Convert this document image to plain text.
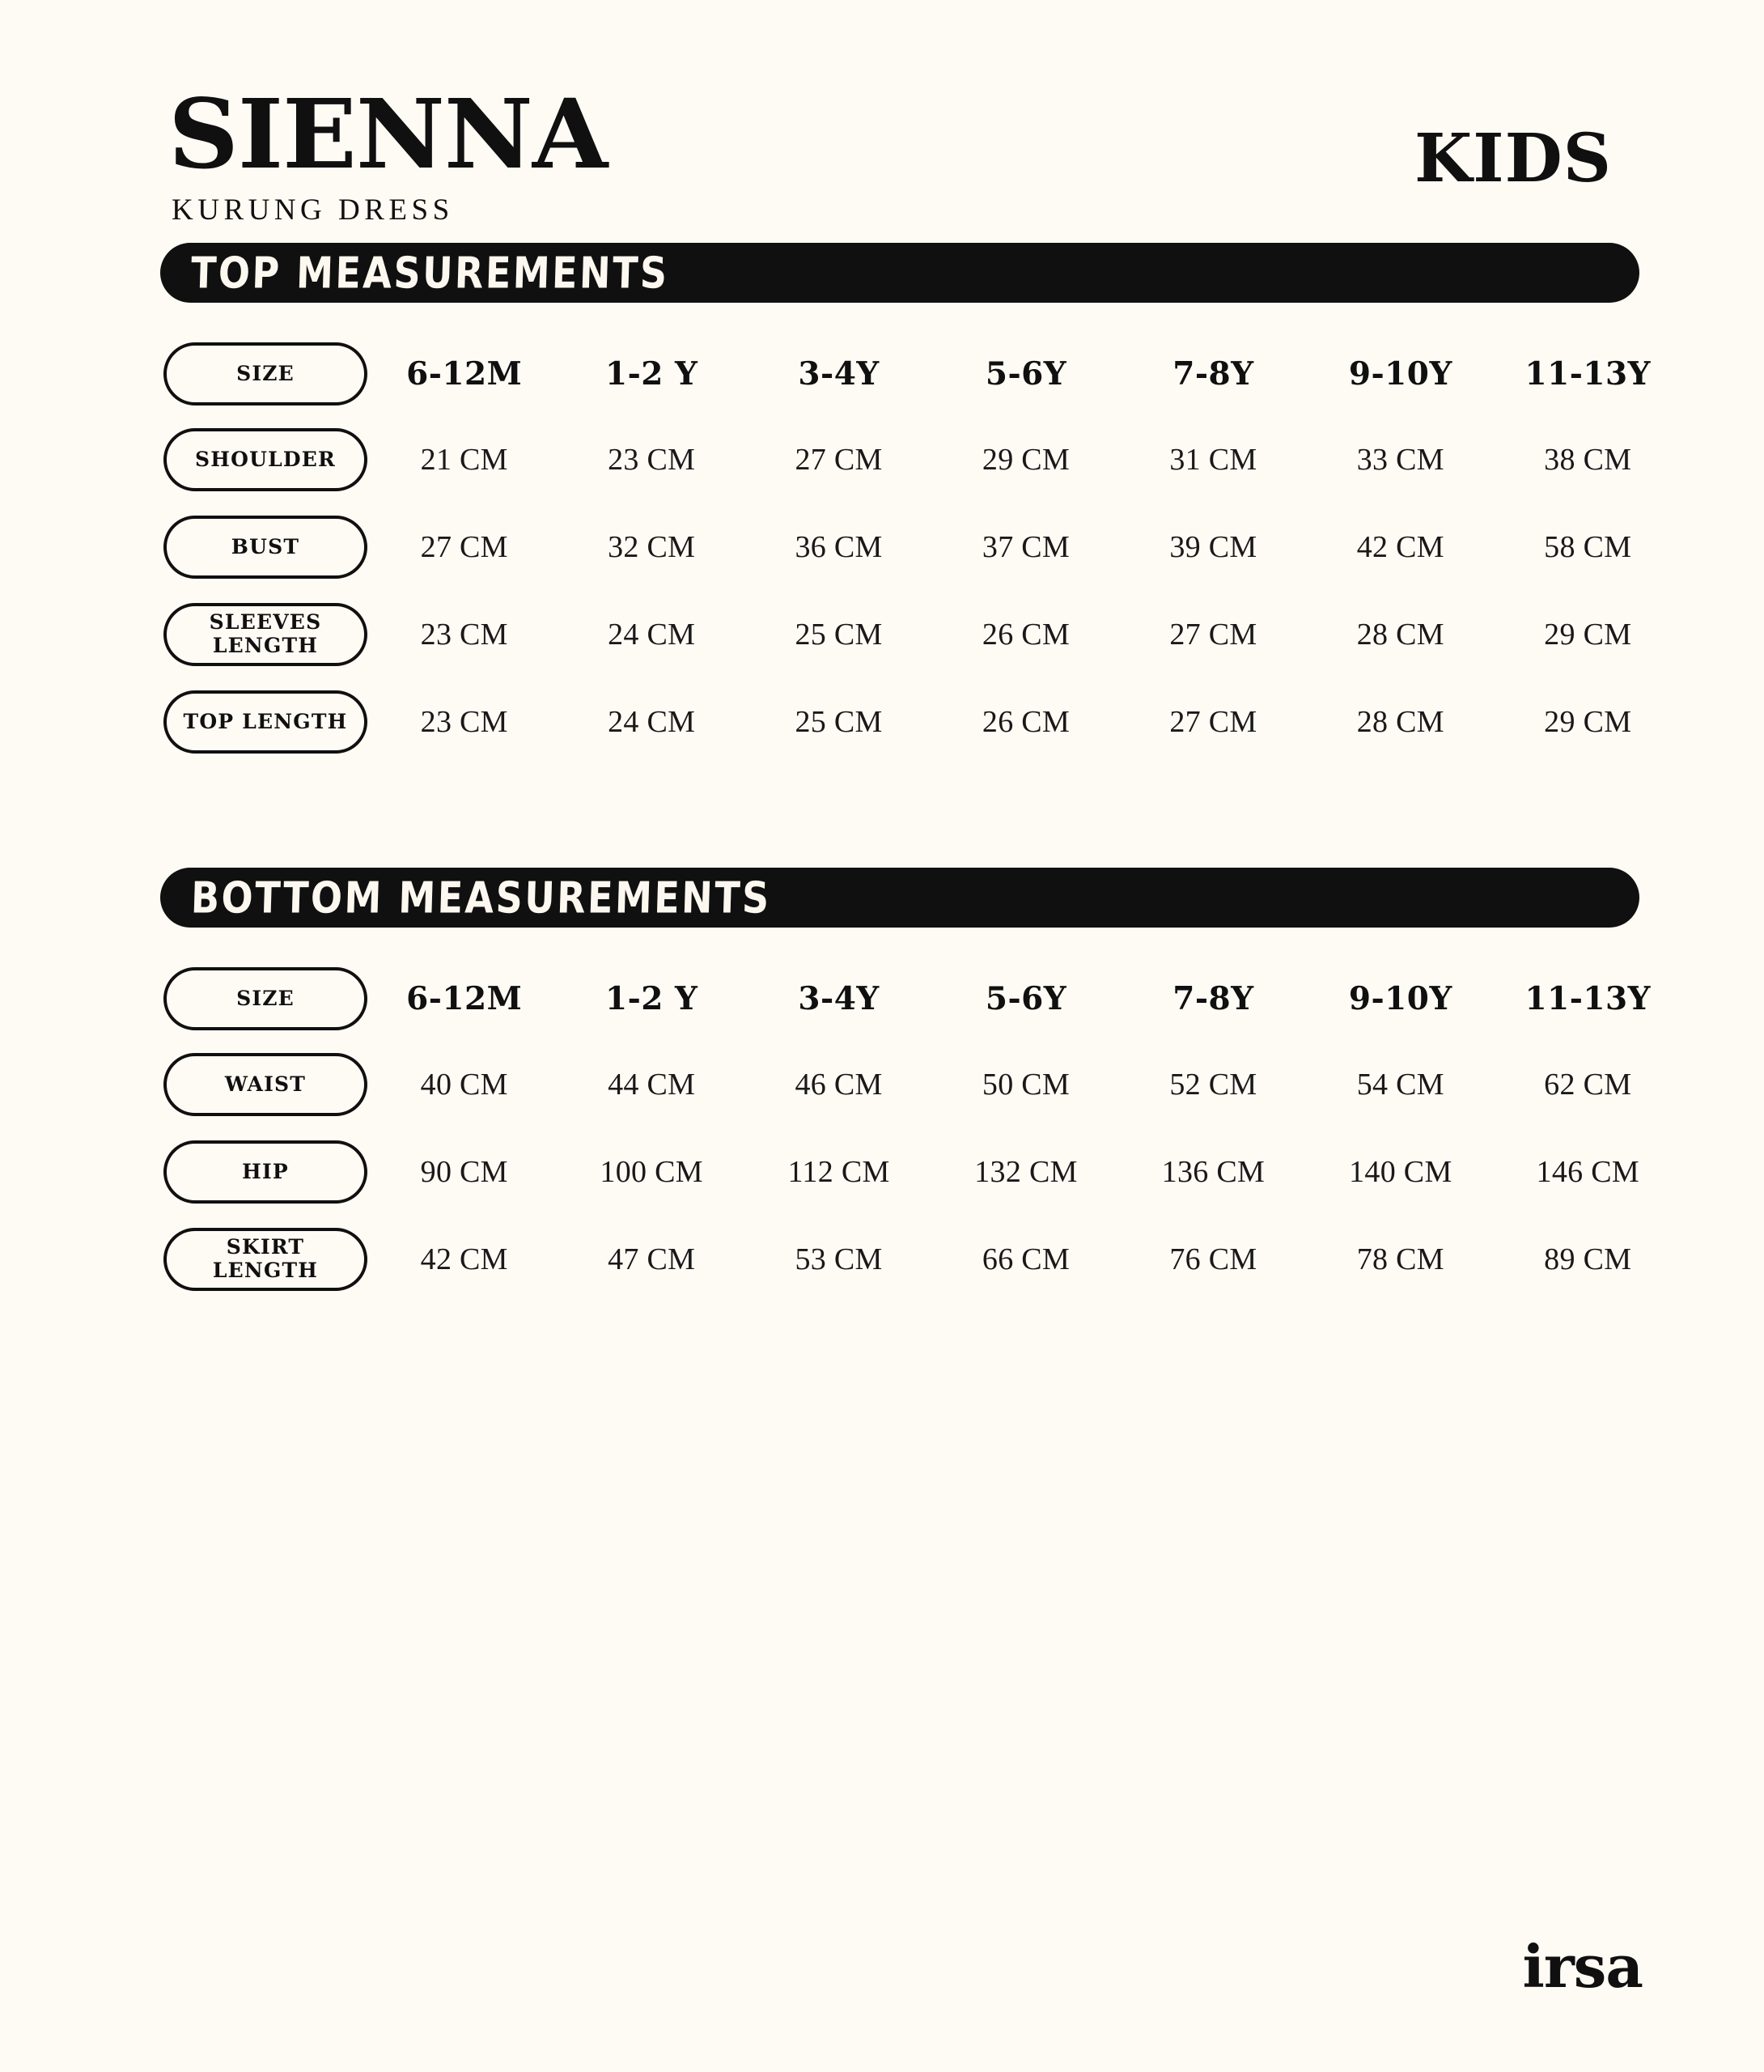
SIENNA
KURUNG DRESS
KIDS
TOP MEASUREMENTS
SIZE	6-12M	1-2 Y	3-4Y	5-6Y	7-8Y	9-10Y	11-13Y
SHOULDER	21 CM	23 CM	27 CM	29 CM	31 CM	33 CM	38 CM
BUST	27 CM	32 CM	36 CM	37 CM	39 CM	42 CM	58 CM
SLEEVES
LENGTH	23 CM	24 CM	25 CM	26 CM	27 CM	28 CM	29 CM
TOP LENGTH	23 CM	24 CM	25 CM	26 CM	27 CM	28 CM	29 CM
BOTTOM MEASUREMENTS
SIZE	6-12M	1-2 Y	3-4Y	5-6Y	7-8Y	9-10Y	11-13Y
WAIST	40 CM	44 CM	46 CM	50 CM	52 CM	54 CM	62 CM
HIP	90 CM	100 CM	112 CM	132 CM	136 CM	140 CM	146 CM
SKIRT
LENGTH	42 CM	47 CM	53 CM	66 CM	76 CM	78 CM	89 CM
irsa
